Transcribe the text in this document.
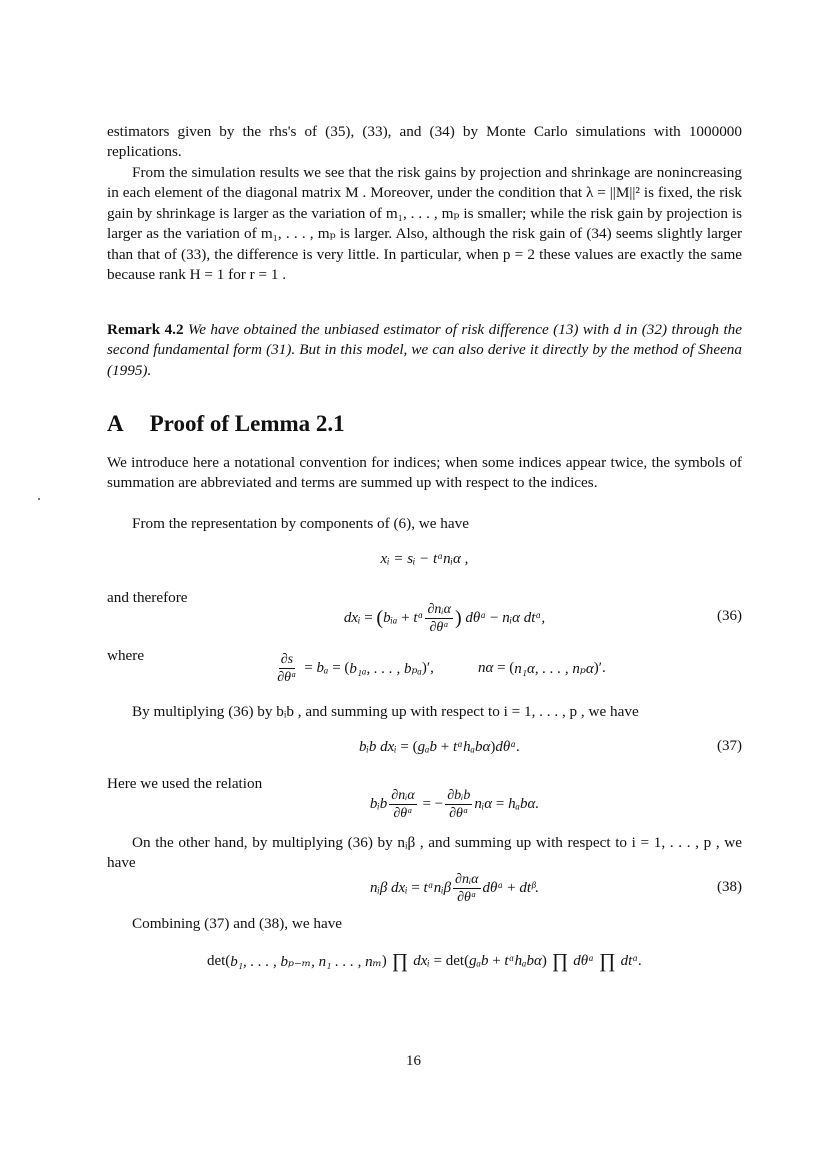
estimators given by the rhs's of (35), (33), and (34) by Monte Carlo simulations with 1000000 replications.

From the simulation results we see that the risk gains by projection and shrinkage are nonincreasing in each element of the diagonal matrix M . Moreover, under the condition that λ = ||M||² is fixed, the risk gain by shrinkage is larger as the variation of m₁, . . . , mₚ is smaller; while the risk gain by projection is larger as the variation of m₁, . . . , mₚ is larger. Also, although the risk gain of (34) seems slightly larger than that of (33), the difference is very little. In particular, when p = 2 these values are exactly the same because rank H = 1 for r = 1 .

Remark 4.2 We have obtained the unbiased estimator of risk difference (13) with d in (32) through the second fundamental form (31). But in this model, we can also derive it directly by the method of Sheena (1995).

A Proof of Lemma 2.1

We introduce here a notational convention for indices; when some indices appear twice, the symbols of summation are abbreviated and terms are summed up with respect to the indices.

From the representation by components of (6), we have

xᵢ = sᵢ − tᵅnᵢα ,

and therefore

dxᵢ = ( bᵢₐ + tᵅ $\frac{\text{∂nᵢα}}{\text{∂θᵃ}}$ ) dθᵃ − nᵢα dtᵅ,	(36)

where	$\frac{\partial s}{\text{∂θᵃ}} = b_a$ = ( b₁ₐ, . . . , bₚₐ )′,	nα = ( n₁α, . . . , nₚα )′.

By multiplying (36) by bᵢb , and summing up with respect to i = 1, . . . , p , we have

bᵢb dxᵢ = ( gₐb + tᵅhₐbα ) dθᵃ.	(37)

Here we used the relation

bᵢb $\frac{\text{∂nᵢα}}{\text{∂θᵃ}}$ = − $\frac{\text{∂bᵢb}}{\text{∂θᵃ}}$ nᵢα = hₐbα.

On the other hand, by multiplying (36) by nᵢβ , and summing up with respect to i = 1, . . . , p , we have

nᵢβ dxᵢ = tᵅnᵢβ $\frac{\text{∂nᵢα}}{\text{∂θᵃ}}$ dθᵃ + dtᵝ.	(38)

Combining (37) and (38), we have

det( b₁, . . . , bₚ₋ₘ, n₁ . . . , nₘ ) ∏ dxᵢ = det( gₐb + tᵅhₐbα ) ∏ dθᵃ ∏ dtᵅ.
16
